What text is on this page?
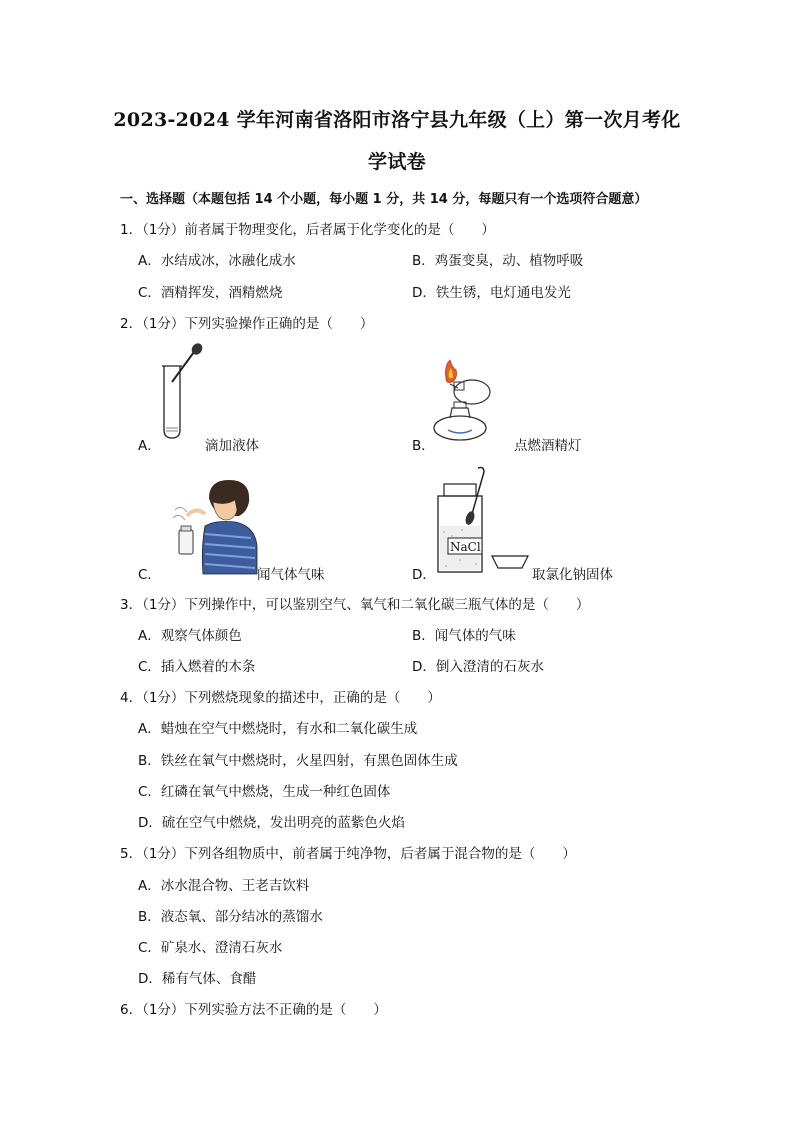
2023-2024 学年河南省洛阳市洛宁县九年级（上）第一次月考化
学试卷
一、选择题（本题包括 14 个小题，每小题 1 分，共 14 分，每题只有一个选项符合题意）
1．（1分）前者属于物理变化，后者属于化学变化的是（　　）
A．水结成冰，冰融化成水	B．鸡蛋变臭，动、植物呼吸
C．酒精挥发，酒精燃烧	D．铁生锈，电灯通电发光
2．（1分）下列实验操作正确的是（　　）
A．	滴加液体	B．	点燃酒精灯
C．	闻气体气味
NaCl
D．	取氯化钠固体
3．（1分）下列操作中，可以鉴别空气、氧气和二氧化碳三瓶气体的是（　　）
A．观察气体颜色	B．闻气体的气味
C．插入燃着的木条	D．倒入澄清的石灰水
4．（1分）下列燃烧现象的描述中，正确的是（　　）
A．蜡烛在空气中燃烧时，有水和二氧化碳生成
B．铁丝在氧气中燃烧时，火星四射，有黑色固体生成
C．红磷在氧气中燃烧，生成一种红色固体
D．硫在空气中燃烧，发出明亮的蓝紫色火焰
5．（1分）下列各组物质中，前者属于纯净物，后者属于混合物的是（　　）
A．冰水混合物、王老吉饮料
B．液态氧、部分结冰的蒸馏水
C．矿泉水、澄清石灰水
D．稀有气体、食醋
6．（1分）下列实验方法不正确的是（　　）
